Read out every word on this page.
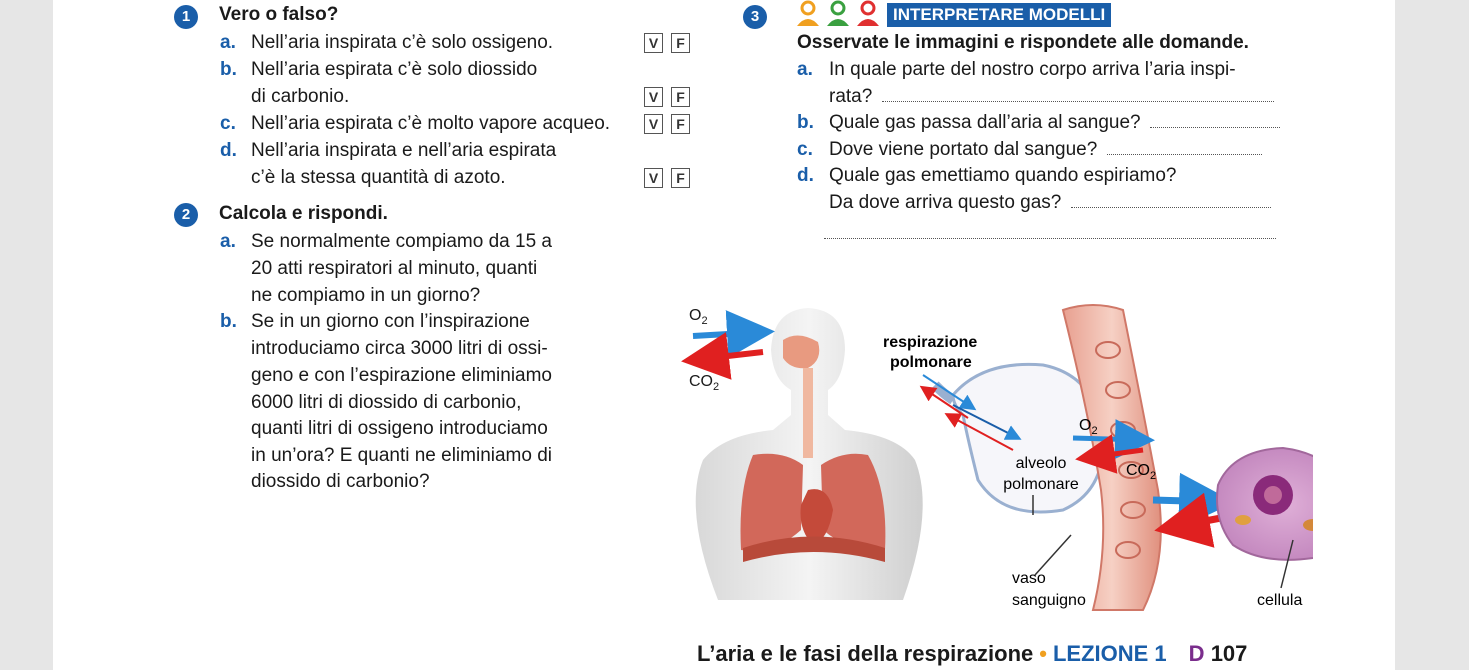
1	Vero o falso?
a. Nell’aria inspirata c’è solo ossigeno.	V	F
b. Nell’aria espirata c’è solo diossido
di carbonio.	V	F
c. Nell’aria espirata c’è molto vapore acqueo.	V	F
d. Nell’aria inspirata e nell’aria espirata
c’è la stessa quantità di azoto.	V	F
2	Calcola e rispondi.
a. Se normalmente compiamo da 15 a
20 atti respiratori al minuto, quanti
ne compiamo in un giorno?
b. Se in un giorno con l’inspirazione
introduciamo circa 3000 litri di ossi-
geno e con l’espirazione eliminiamo
6000 litri di diossido di carbonio,
quanti litri di ossigeno introduciamo
in un’ora? E quanti ne eliminiamo di
diossido di carbonio?
3	INTERPRETARE MODELLI
Osservate le immagini e rispondete alle domande.
a. In quale parte del nostro corpo arriva l’aria inspi-
rata?
b. Quale gas passa dall’aria al sangue?
c. Dove viene portato dal sangue?
d. Quale gas emettiamo quando espiriamo?
Da dove arriva questo gas?
$O_2$
$CO_2$
respirazione
polmonare
alveolo
polmonare
$O_2$
$CO_2$
vaso
sanguigno	cellula
L’aria e le fasi della respirazione • LEZIONE 1 D 107
